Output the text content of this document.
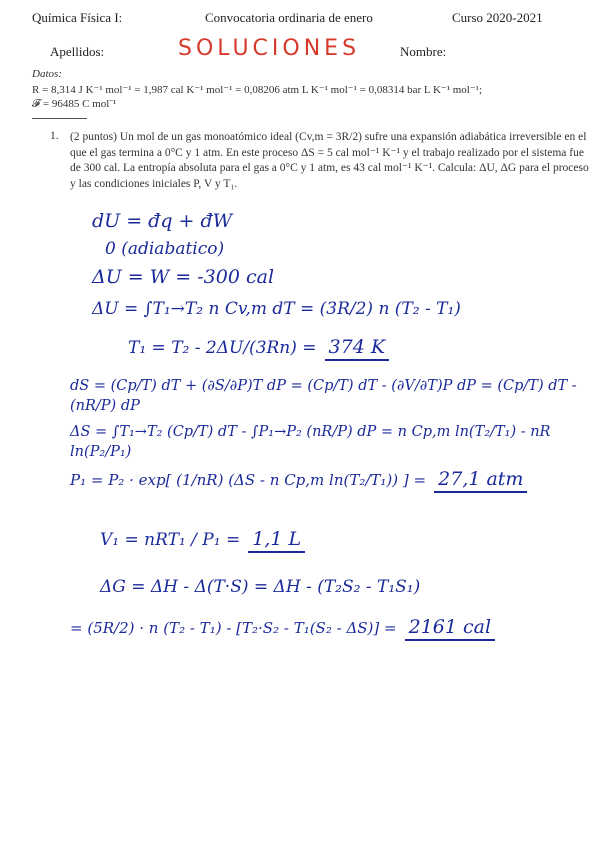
Química Física I:	Convocatoria ordinaria de enero	Curso 2020-2021
Apellidos:	SOLUCIONES	Nombre:
Datos:
R = 8,314 J K⁻¹ mol⁻¹ = 1,987 cal K⁻¹ mol⁻¹ = 0,08206 atm L K⁻¹ mol⁻¹ = 0,08314 bar L K⁻¹ mol⁻¹;
𝓕 = 96485 C mol⁻¹
1. (2 puntos) Un mol de un gas monoatómico ideal (Cv,m = 3R/2) sufre una expansión adiabática irreversible en el que el gas termina a 0°C y 1 atm. En este proceso ΔS = 5 cal mol⁻¹ K⁻¹ y el trabajo realizado por el sistema fue de 300 cal. La entropía absoluta para el gas a 0°C y 1 atm, es 43 cal mol⁻¹ K⁻¹. Calcula: ΔU, ΔG para el proceso y las condiciones iniciales P, V y T₁.
dU = đq + đW
0 (adiabatico)
ΔU = W = -300 cal
ΔU = ∫T₁→T₂ n Cv,m dT = (3R/2) n (T₂ - T₁)
T₁ = T₂ - 2ΔU/(3Rn) = 374 K
dS = (Cp/T) dT + (∂S/∂P)T dP = (Cp/T) dT - (∂V/∂T)P dP = (Cp/T) dT - (nR/P) dP
ΔS = ∫T₁→T₂ (Cp/T) dT - ∫P₁→P₂ (nR/P) dP = n Cp,m ln(T₂/T₁) - nR ln(P₂/P₁)
P₁ = P₂ · exp[ (1/nR) (ΔS - n Cp,m ln(T₂/T₁)) ] = 27,1 atm
V₁ = nRT₁ / P₁ = 1,1 L
ΔG = ΔH - Δ(T·S) = ΔH - (T₂S₂ - T₁S₁)
= (5R/2) · n (T₂ - T₁) - [T₂·S₂ - T₁(S₂ - ΔS)] = 2161 cal
